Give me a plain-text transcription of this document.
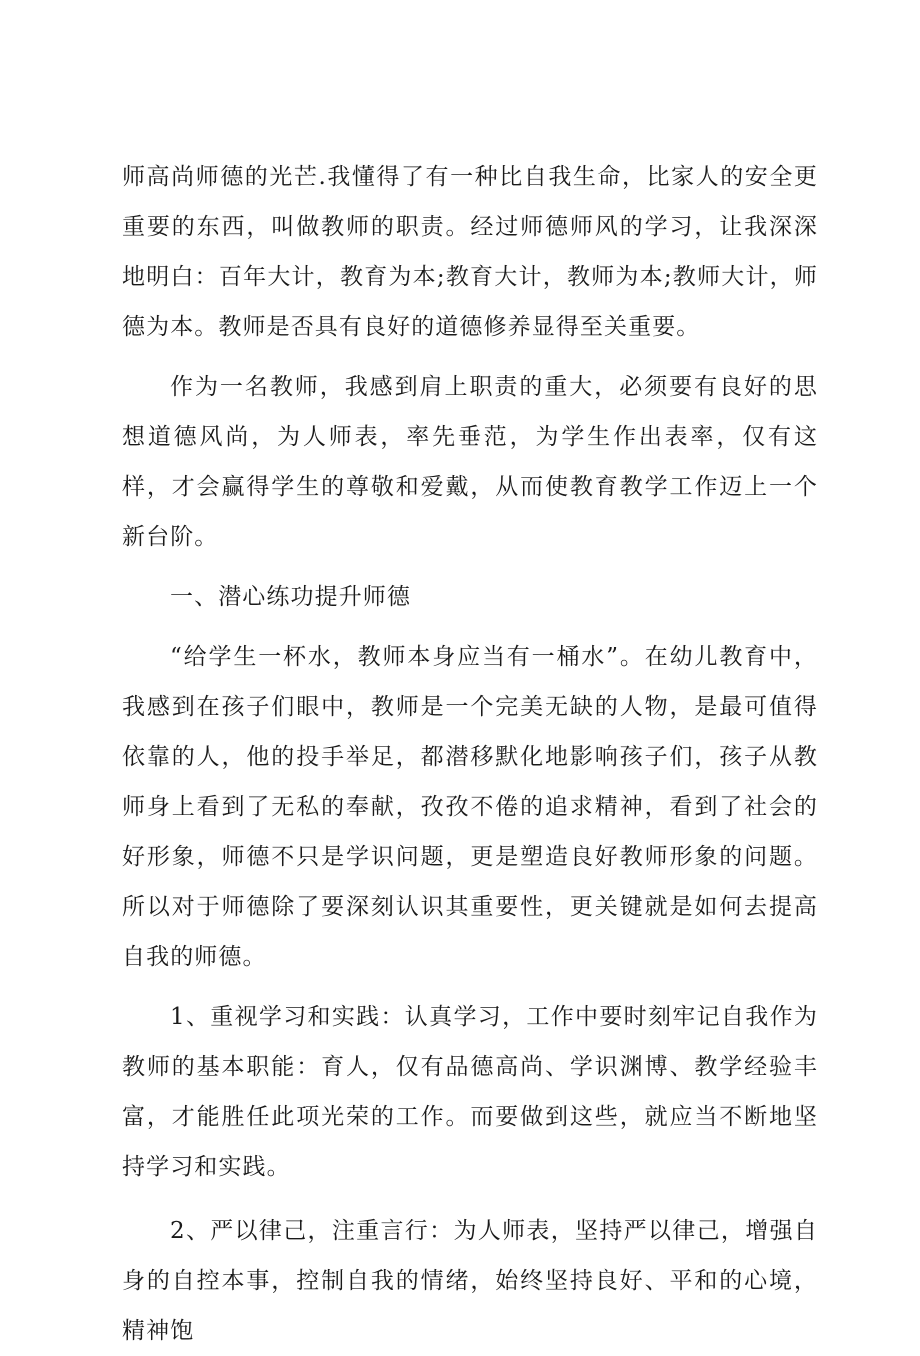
师高尚师德的光芒.我懂得了有一种比自我生命，比家人的安全更重要的东西，叫做教师的职责。经过师德师风的学习，让我深深地明白：百年大计，教育为本;教育大计，教师为本;教师大计，师德为本。教师是否具有良好的道德修养显得至关重要。

作为一名教师，我感到肩上职责的重大，必须要有良好的思想道德风尚，为人师表，率先垂范，为学生作出表率，仅有这样，才会赢得学生的尊敬和爱戴，从而使教育教学工作迈上一个新台阶。

一、潜心练功提升师德

“给学生一杯水，教师本身应当有一桶水”。在幼儿教育中，我感到在孩子们眼中，教师是一个完美无缺的人物，是最可值得依靠的人，他的投手举足，都潜移默化地影响孩子们，孩子从教师身上看到了无私的奉献，孜孜不倦的追求精神，看到了社会的好形象，师德不只是学识问题，更是塑造良好教师形象的问题。所以对于师德除了要深刻认识其重要性，更关键就是如何去提高自我的师德。

1、重视学习和实践：认真学习，工作中要时刻牢记自我作为教师的基本职能：育人，仅有品德高尚、学识渊博、教学经验丰富，才能胜任此项光荣的工作。而要做到这些，就应当不断地坚持学习和实践。

2、严以律己，注重言行：为人师表，坚持严以律己，增强自身的自控本事，控制自我的情绪，始终坚持良好、平和的心境，精神饱
